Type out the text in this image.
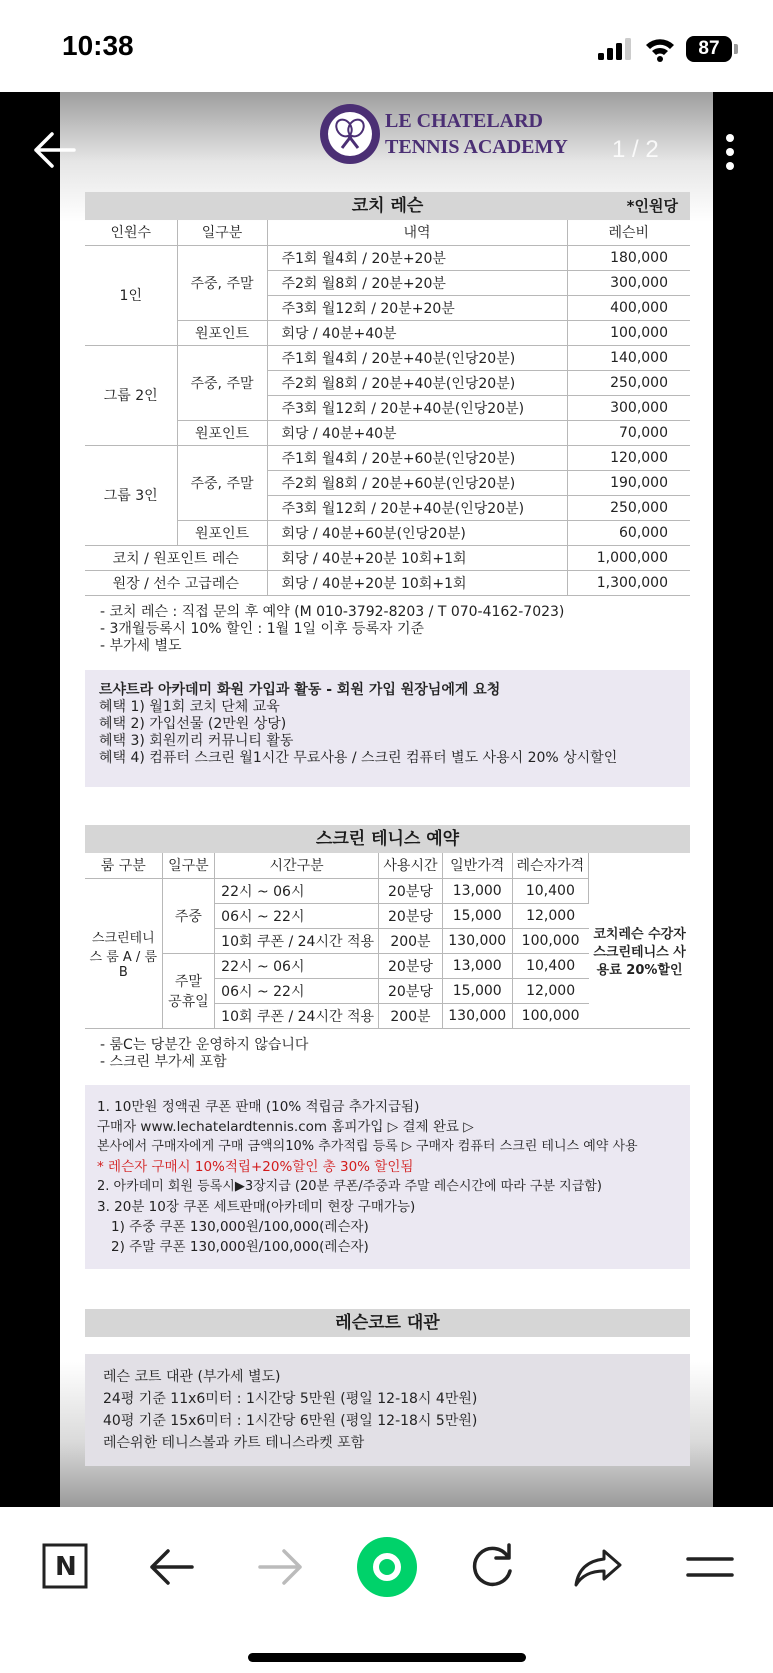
10:38	87
LE CHATELARD
TENNIS ACADEMY
코치 레슨	*인원당
인원수	일구분	내역	레슨비
1인	주중, 주말	주1회 월4회 / 20분+20분	180,000
		주2회 월8회 / 20분+20분	300,000
		주3회 월12회 / 20분+20분	400,000
	원포인트	회당 / 40분+40분	100,000
그룹 2인	주중, 주말	주1회 월4회 / 20분+40분(인당20분)	140,000
		주2회 월8회 / 20분+40분(인당20분)	250,000
		주3회 월12회 / 20분+40분(인당20분)	300,000
	원포인트	회당 / 40분+40분	70,000
그룹 3인	주중, 주말	주1회 월4회 / 20분+60분(인당20분)	120,000
		주2회 월8회 / 20분+60분(인당20분)	190,000
		주3회 월12회 / 20분+40분(인당20분)	250,000
	원포인트	회당 / 40분+60분(인당20분)	60,000
코치 / 원포인트 레슨		회당 / 40분+20분 10회+1회	1,000,000
원장 / 선수 고급레슨		회당 / 40분+20분 10회+1회	1,300,000
- 코치 레슨 : 직접 문의 후 예약 (M 010-3792-8203 / T 070-4162-7023)
- 3개월등록시 10% 할인 : 1월 1일 이후 등록자 기준
- 부가세 별도
르샤트라 아카데미 화원 가입과 활동 - 회원 가입 원장님에게 요청
혜택 1) 월1회 코치 단체 교육
혜택 2) 가입선물 (2만원 상당)
혜택 3) 회원끼리 커뮤니티 활동
혜택 4) 컴퓨터 스크린 월1시간 무료사용 / 스크린 컴퓨터 별도 사용시 20% 상시할인
스크린 테니스 예약
룸 구분	일구분	시간구분	사용시간	일반가격	레슨자가격	
스크린테니스 룸 A / 룸B	주중	22시 ~ 06시	20분당	13,000	10,400	코치레슨 수강자 스크린테니스 사용료 20%할인
		06시 ~ 22시	20분당	15,000	12,000	
		10회 쿠폰 / 24시간 적용	200분	130,000	100,000	
	주말 공휴일	22시 ~ 06시	20분당	13,000	10,400	
		06시 ~ 22시	20분당	15,000	12,000	
		10회 쿠폰 / 24시간 적용	200분	130,000	100,000	
- 룸C는 당분간 운영하지 않습니다
- 스크린 부가세 포함
1. 10만원 정액권 쿠폰 판매 (10% 적립금 추가지급됨)
구매자 www.lechatelardtennis.com 홈피가입 ▷ 결제 완료 ▷
본사에서 구매자에게 구매 금액의10% 추가적립 등록 ▷ 구매자 컴퓨터 스크린 테니스 예약 사용
* 레슨자 구매시 10%적립+20%할인 총 30% 할인됨
2. 아카데미 회원 등록시▶3장지급 (20분 쿠폰/주중과 주말 레슨시간에 따라 구분 지급함)
3. 20분 10장 쿠폰 세트판매(아카데미 현장 구매가능)
1) 주중 쿠폰 130,000원/100,000(레슨자)
2) 주말 쿠폰 130,000원/100,000(레슨자)
레슨코트 대관
레슨 코트 대관 (부가세 별도)
24평 기준 11x6미터 : 1시간당 5만원 (평일 12-18시 4만원)
40평 기준 15x6미터 : 1시간당 6만원 (평일 12-18시 5만원)
레슨위한 테니스볼과 카트 테니스라켓 포함
1 / 2
N
